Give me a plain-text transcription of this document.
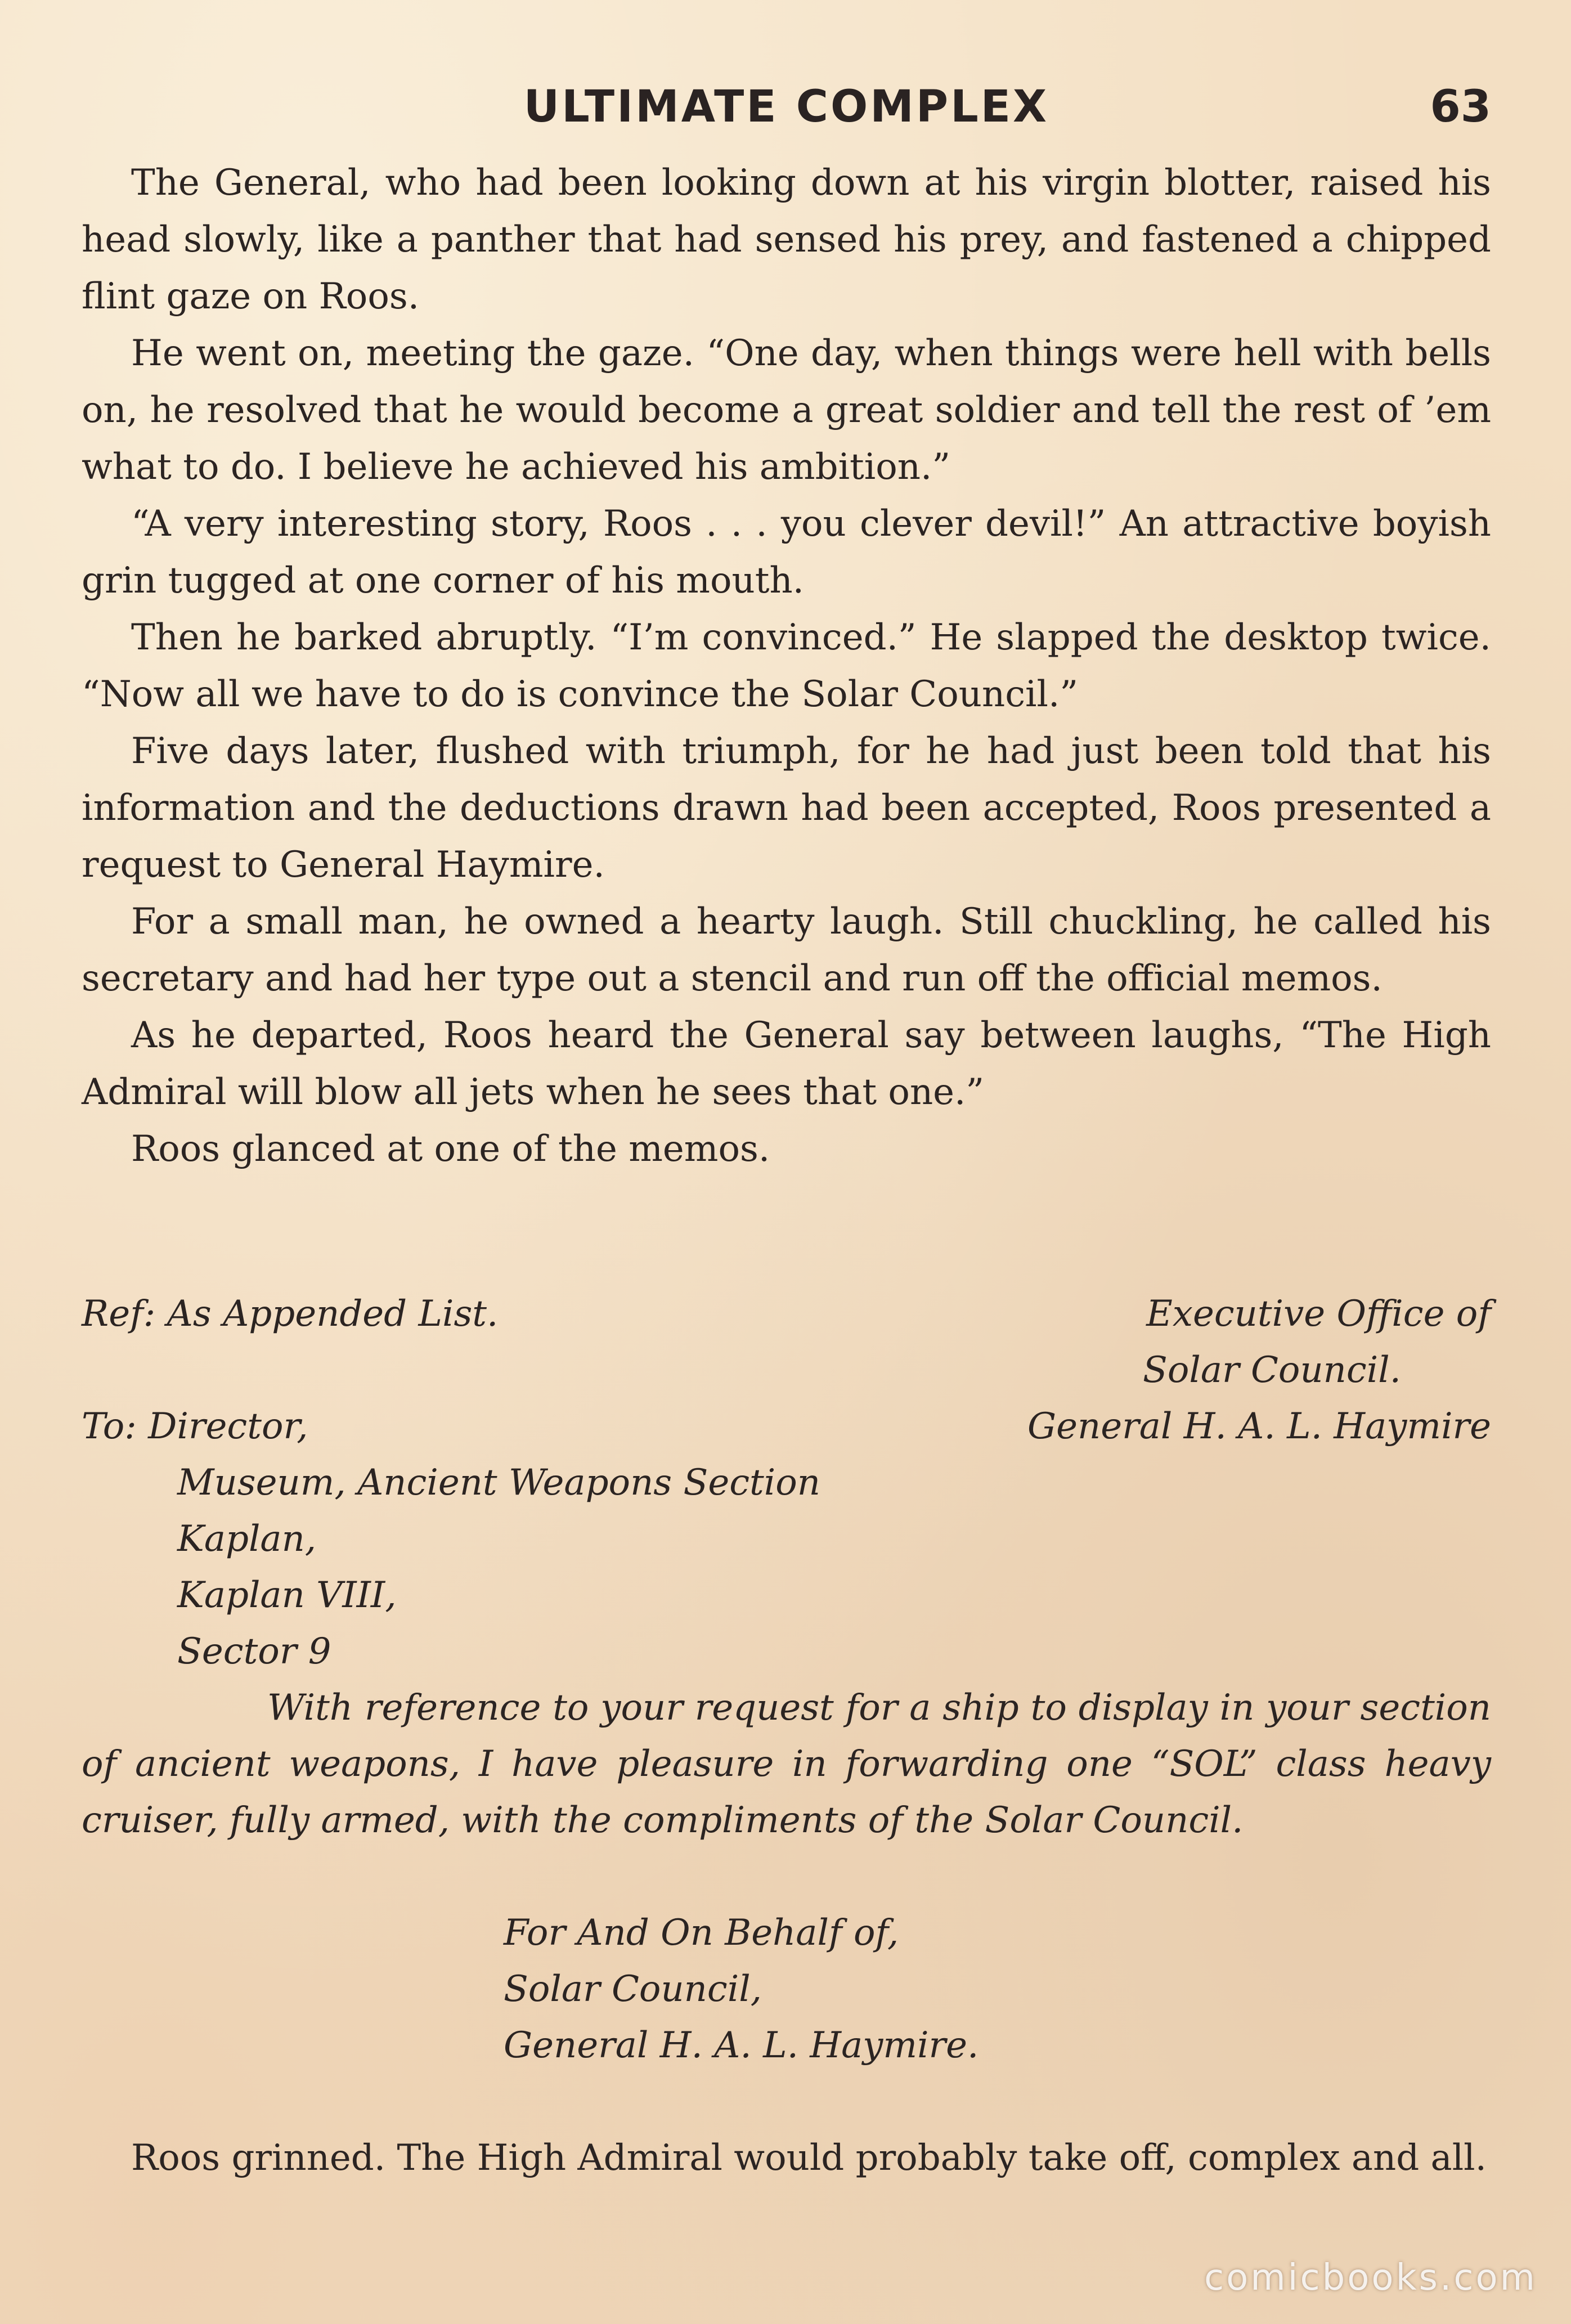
ULTIMATE COMPLEX	63

The General, who had been looking down at his virgin blotter, raised his head slowly, like a panther that had sensed his prey, and fastened a chipped flint gaze on Roos.

He went on, meeting the gaze. “One day, when things were hell with bells on, he resolved that he would become a great soldier and tell the rest of ’em what to do. I believe he achieved his ambition.”

“A very interesting story, Roos . . . you clever devil!” An attractive boyish grin tugged at one corner of his mouth.

Then he barked abruptly. “I’m convinced.” He slapped the desktop twice. “Now all we have to do is convince the Solar Council.”

Five days later, flushed with triumph, for he had just been told that his information and the deductions drawn had been accepted, Roos presented a request to General Haymire.

For a small man, he owned a hearty laugh. Still chuckling, he called his secretary and had her type out a stencil and run off the official memos.

As he departed, Roos heard the General say between laughs, “The High Admiral will blow all jets when he sees that one.”

Roos glanced at one of the memos.

Ref: As Appended List.	Executive Office of
Solar Council.
General H. A. L. Haymire
To: Director,
Museum, Ancient Weapons Section
Kaplan,
Kaplan VIII,
Sector 9
With reference to your request for a ship to display in your section of ancient weapons, I have pleasure in forwarding one “SOL” class heavy cruiser, fully armed, with the compliments of the Solar Council.
For And On Behalf of,
Solar Council,
General H. A. L. Haymire.

Roos grinned. The High Admiral would probably take off, complex and all.

comicbooks.com
